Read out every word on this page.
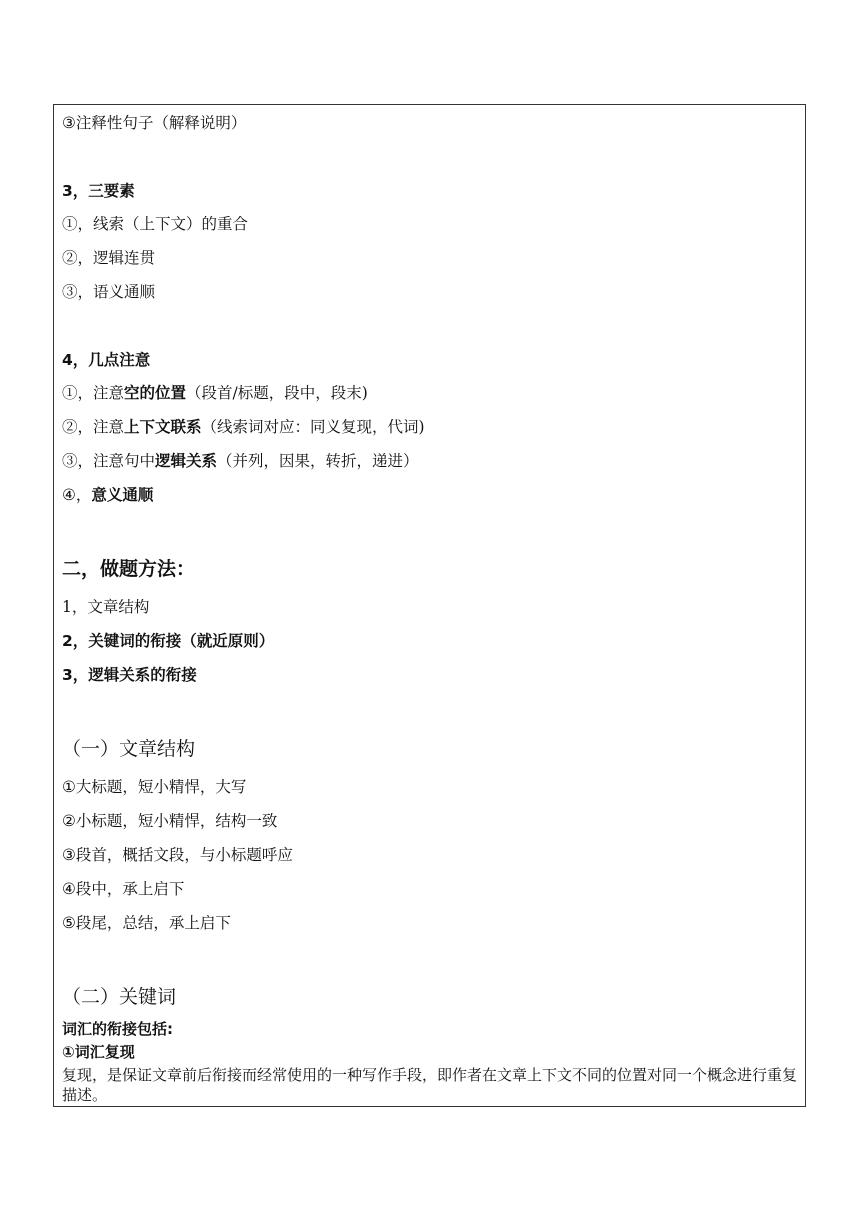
③注释性句子（解释说明）
3，三要素
①，线索（上下文）的重合
②，逻辑连贯
③，语义通顺
4，几点注意
①，注意空的位置（段首/标题，段中，段末)
②，注意上下文联系（线索词对应：同义复现，代词)
③，注意句中逻辑关系（并列，因果，转折，递进）
④，意义通顺
二，做题方法：
1，文章结构
2，关键词的衔接（就近原则）
3，逻辑关系的衔接
（一）文章结构
①大标题，短小精悍，大写
②小标题，短小精悍，结构一致
③段首，概括文段，与小标题呼应
④段中，承上启下
⑤段尾，总结，承上启下
（二）关键词
词汇的衔接包括:
①词汇复现
复现，是保证文章前后衔接而经常使用的一种写作手段，即作者在文章上下文不同的位置对同一个概念进行重复描述。
